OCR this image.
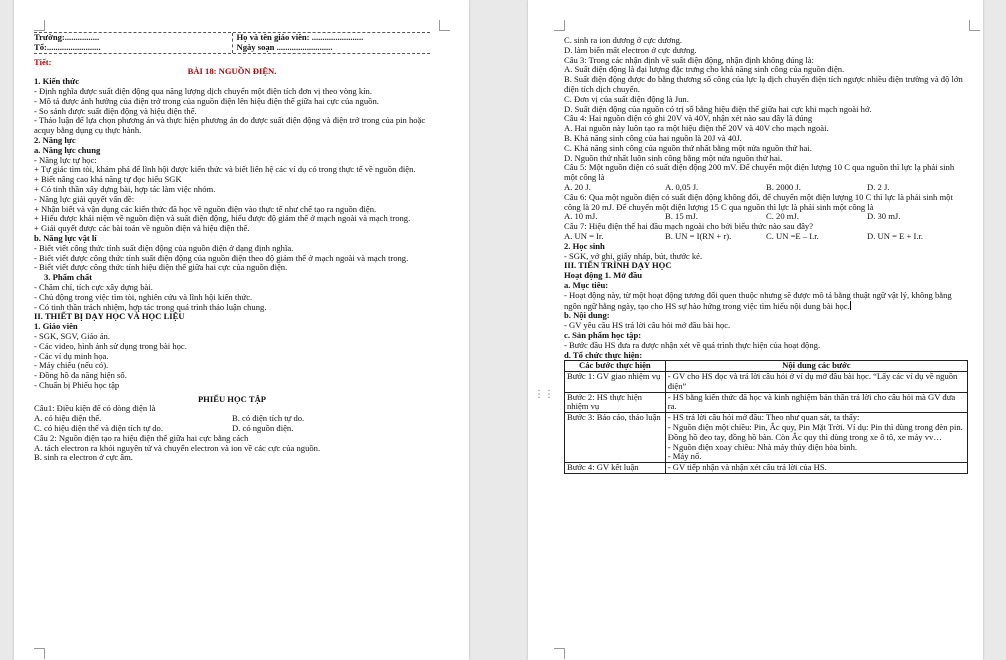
Trường:................
Tổ:.........................
Họ và tên giáo viên: ........................
Ngày soạn ..........................

Tiết:

BÀI 18: NGUỒN ĐIỆN.

1. Kiến thức

- Định nghĩa được suất điện động qua năng lượng dịch chuyển một điện tích đơn vị theo vòng kín.

- Mô tả được ảnh hưởng của điện trở trong của nguồn điện lên hiệu điện thế giữa hai cực của nguồn.

- So sánh được suất điện động và hiệu điện thế.

- Thảo luận để lựa chọn phương án và thực hiện phương án đo được suất điện động và điện trở trong của pin hoặc acquy bằng dụng cụ thực hành.

2. Năng lực

a. Năng lực chung

- Năng lực tự học:

+ Tự giác tìm tòi, khám phá để lĩnh hội được kiến thức và biết liên hệ các ví dụ có trong thực tế về nguồn điện.

+ Biết nâng cao khả năng tự đọc hiểu SGK

+ Có tinh thần xây dựng bài, hợp tác làm việc nhóm.

- Năng lực giải quyết vấn đề:

+ Nhận biết và vận dụng các kiến thức đã học về nguồn điện vào thực tế như chế tạo ra nguồn điện.

+ Hiểu được khái niệm về nguồn điện và suất điện động, hiểu được độ giảm thế ở mạch ngoài và mạch trong.

+ Giải quyết được các bài toán về nguồn điện và hiệu điện thế.

b. Năng lực vật lí

- Biết viết công thức tính suất điện động của nguồn điện ở dạng định nghĩa.

- Biết viết được công thức tính suất điện động của nguồn điện theo độ giảm thế ở mạch ngoài và mạch trong.

- Biết viết được công thức tính hiệu điện thế giữa hai cực của nguồn điện.

3. Phẩm chất

- Chăm chỉ, tích cực xây dựng bài.

- Chủ động trong việc tìm tòi, nghiên cứu và lĩnh hội kiến thức.

- Có tinh thần trách nhiệm, hợp tác trong quá trình thảo luận chung.

II. THIẾT BỊ DẠY HỌC VÀ HỌC LIỆU

1. Giáo viên

- SGK, SGV, Giáo án.

- Các video, hình ảnh sử dụng trong bài học.

- Các ví dụ minh họa.

- Máy chiếu (nếu có).

- Đồng hồ đa năng hiện số.

- Chuẩn bị Phiếu học tập

PHIẾU HỌC TẬP

Câu1: Điều kiện để có dòng điện là

A. có hiệu điện thế.	B. có điện tích tự do.
C. có hiệu điện thế và điện tích tự do.	D. có nguồn điện.

Câu 2: Nguồn điện tạo ra hiệu điện thế giữa hai cực bằng cách

A. tách electron ra khỏi nguyên tử và chuyển electron và ion về các cực của nguồn.

B. sinh ra electron ở cực âm.

C. sinh ra ion dương ở cực dương.

D. làm biến mất electron ở cực dương.

Câu 3: Trong các nhận định về suất điện động, nhận định không đúng là:

A. Suất điện động là đại lượng đặc trưng cho khả năng sinh công của nguồn điện.

B. Suất điện động được đo bằng thương số công của lực lạ dịch chuyển điện tích ngược nhiều điện trường và độ lớn điện tích dịch chuyển.

C. Đơn vị của suất điện động là Jun.

D. Suất điện động của nguồn có trị số bằng hiệu điện thế giữa hai cực khi mạch ngoài hở.

Câu 4: Hai nguồn điện có ghi 20V và 40V, nhận xét nào sau đây là đúng

A. Hai nguồn này luôn tạo ra một hiệu điện thế 20V và 40V cho mạch ngoài.

B. Khả năng sinh công của hai nguồn là 20J và 40J.

C. Khả năng sinh công của nguồn thứ nhất bằng một nửa nguồn thứ hai.

D. Nguồn thứ nhất luôn sinh công bằng một nửa nguồn thứ hai.

Câu 5: Một nguồn điện có suất điện động 200 mV. Để chuyển một điện lượng 10 C qua nguồn thì lực lạ phải sinh một công là

A. 20 J.	A. 0,05 J.	B. 2000 J.	D. 2 J.

Câu 6: Qua một nguồn điện có suất điện động không đổi, để chuyển một điện lượng 10 C thì lực là phải sinh một công là 20 mJ. Để chuyển một điện lượng 15 C qua nguồn thì lực là phải sinh một công là

A. 10 mJ.	B. 15 mJ.	C. 20 mJ.	D. 30 mJ.

Câu 7: Hiệu điện thế hai đầu mạch ngoài cho bởi biểu thức nào sau đây?

A. UN = Ir.	B. UN = I(RN + r).	C. UN =E – I.r.	D. UN = E + I.r.

2. Học sinh

- SGK, vở ghi, giấy nháp, bút, thước kẻ.

III. TIẾN TRÌNH DẠY HỌC

Hoạt động 1. Mở đầu

a. Mục tiêu:

- Hoạt động này, từ một hoạt động tương đối quen thuộc nhưng sẽ được mô tả bằng thuật ngữ vật lý, không bằng ngôn ngữ hằng ngày, tạo cho HS sự hào hứng trong việc tìm hiểu nội dung bài học.

b. Nội dung:

- GV yêu cầu HS trả lời câu hỏi mở đầu bài học.

c. Sản phẩm học tập:

- Bước đầu HS đưa ra được nhận xét về quá trình thực hiện của hoạt động.

d. Tổ chức thực hiện:

Các bước thực hiện	Nội dung các bước
Bước 1: GV giao nhiệm vụ	- GV cho HS đọc và trả lời câu hỏi ở ví dụ mở đầu bài học. “Lấy các ví dụ về nguồn điện”
Bước 2: HS thực hiện nhiệm vụ	- HS bằng kiến thức đã học và kinh nghiệm bản thân trả lời cho câu hỏi mà GV đưa ra.
Bước 3: Báo cáo, thảo luận	- HS trả lời câu hỏi mở đầu: Theo như quan sát, ta thấy:
- Nguồn điện một chiều: Pin, Ắc quy, Pin Mặt Trời. Ví dụ: Pin thì dùng trong đèn pin. Đồng hồ đeo tay, đồng hồ bàn. Còn Ắc quy thì dùng trong xe ô tô, xe máy vv…
- Nguồn điện xoay chiều: Nhà máy thủy điện hòa bình.
- Máy nổ.
Bước 4: GV kết luận	- GV tiếp nhận và nhận xét câu trả lời của HS.
⋮⋮
